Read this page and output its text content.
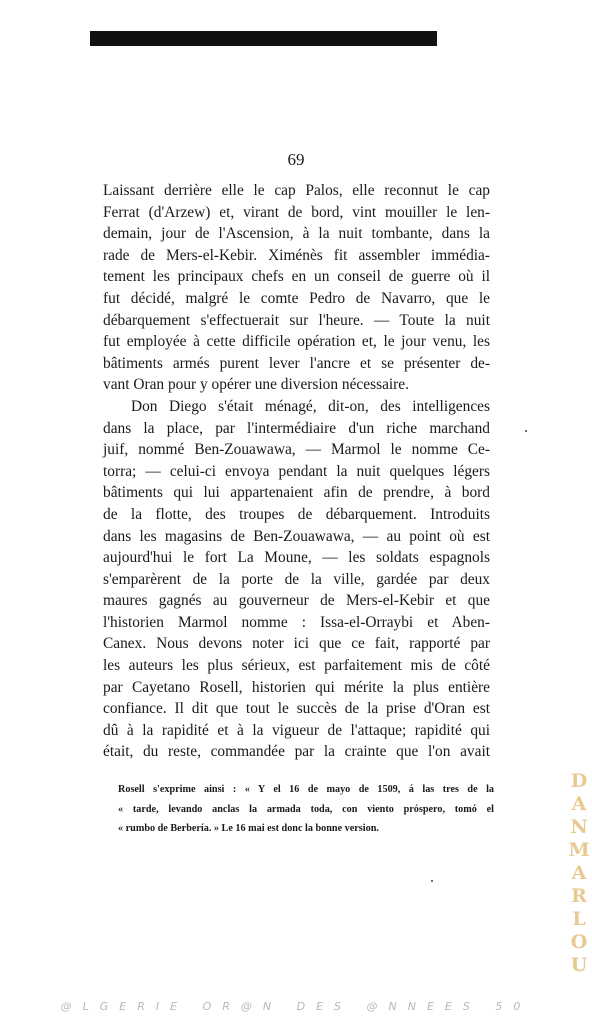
69
Laissant derrière elle le cap Palos, elle reconnut le cap
Ferrat (d'Arzew) et, virant de bord, vint mouiller le len-
demain, jour de l'Ascension, à la nuit tombante, dans la
rade de Mers-el-Kebir. Ximénès fit assembler immédia-
tement les principaux chefs en un conseil de guerre où il
fut décidé, malgré le comte Pedro de Navarro, que le
débarquement s'effectuerait sur l'heure. — Toute la nuit
fut employée à cette difficile opération et, le jour venu, les
bâtiments armés purent lever l'ancre et se présenter de-
vant Oran pour y opérer une diversion nécessaire.
Don Diego s'était ménagé, dit-on, des intelligences
dans la place, par l'intermédiaire d'un riche marchand
juif, nommé Ben-Zouawawa, — Marmol le nomme Ce-
torra; — celui-ci envoya pendant la nuit quelques légers
bâtiments qui lui appartenaient afin de prendre, à bord
de la flotte, des troupes de débarquement. Introduits
dans les magasins de Ben-Zouawawa, — au point où est
aujourd'hui le fort La Moune, — les soldats espagnols
s'emparèrent de la porte de la ville, gardée par deux
maures gagnés au gouverneur de Mers-el-Kebir et que
l'historien Marmol nomme : Issa-el-Orraybi et Aben-
Canex. Nous devons noter ici que ce fait, rapporté par
les auteurs les plus sérieux, est parfaitement mis de côté
par Cayetano Rosell, historien qui mérite la plus entière
confiance. Il dit que tout le succès de la prise d'Oran est
dû à la rapidité et à la vigueur de l'attaque; rapidité qui
était, du reste, commandée par la crainte que l'on avait
Rosell s'exprime ainsi : « Y el 16 de mayo de 1509, á las tres de la
« tarde, levando anclas la armada toda, con viento próspero, tomó el
« rumbo de Berbería. » Le 16 mai est donc la bonne version.	DANMARLOU
@LGERIE OR@N DES @NNEES 50
